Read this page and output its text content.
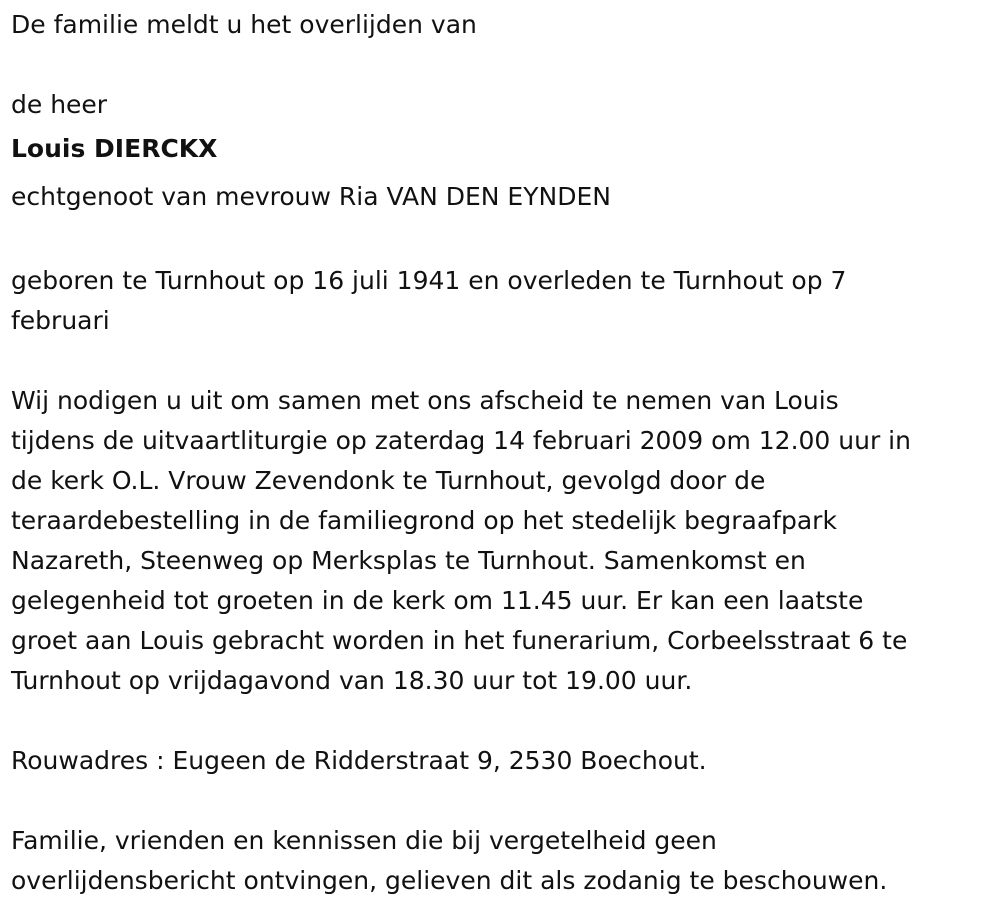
De familie meldt u het overlijden van

de heer

Louis DIERCKX

echtgenoot van mevrouw Ria VAN DEN EYNDEN

geboren te Turnhout op 16 juli 1941 en overleden te Turnhout op 7

februari

Wij nodigen u uit om samen met ons afscheid te nemen van Louis

tijdens de uitvaartliturgie op zaterdag 14 februari 2009 om 12.00 uur in

de kerk O.L. Vrouw Zevendonk te Turnhout, gevolgd door de

teraardebestelling in de familiegrond op het stedelijk begraafpark

Nazareth, Steenweg op Merksplas te Turnhout. Samenkomst en

gelegenheid tot groeten in de kerk om 11.45 uur. Er kan een laatste

groet aan Louis gebracht worden in het funerarium, Corbeelsstraat 6 te

Turnhout op vrijdagavond van 18.30 uur tot 19.00 uur.

Rouwadres : Eugeen de Ridderstraat 9, 2530 Boechout.

Familie, vrienden en kennissen die bij vergetelheid geen

overlijdensbericht ontvingen, gelieven dit als zodanig te beschouwen.
